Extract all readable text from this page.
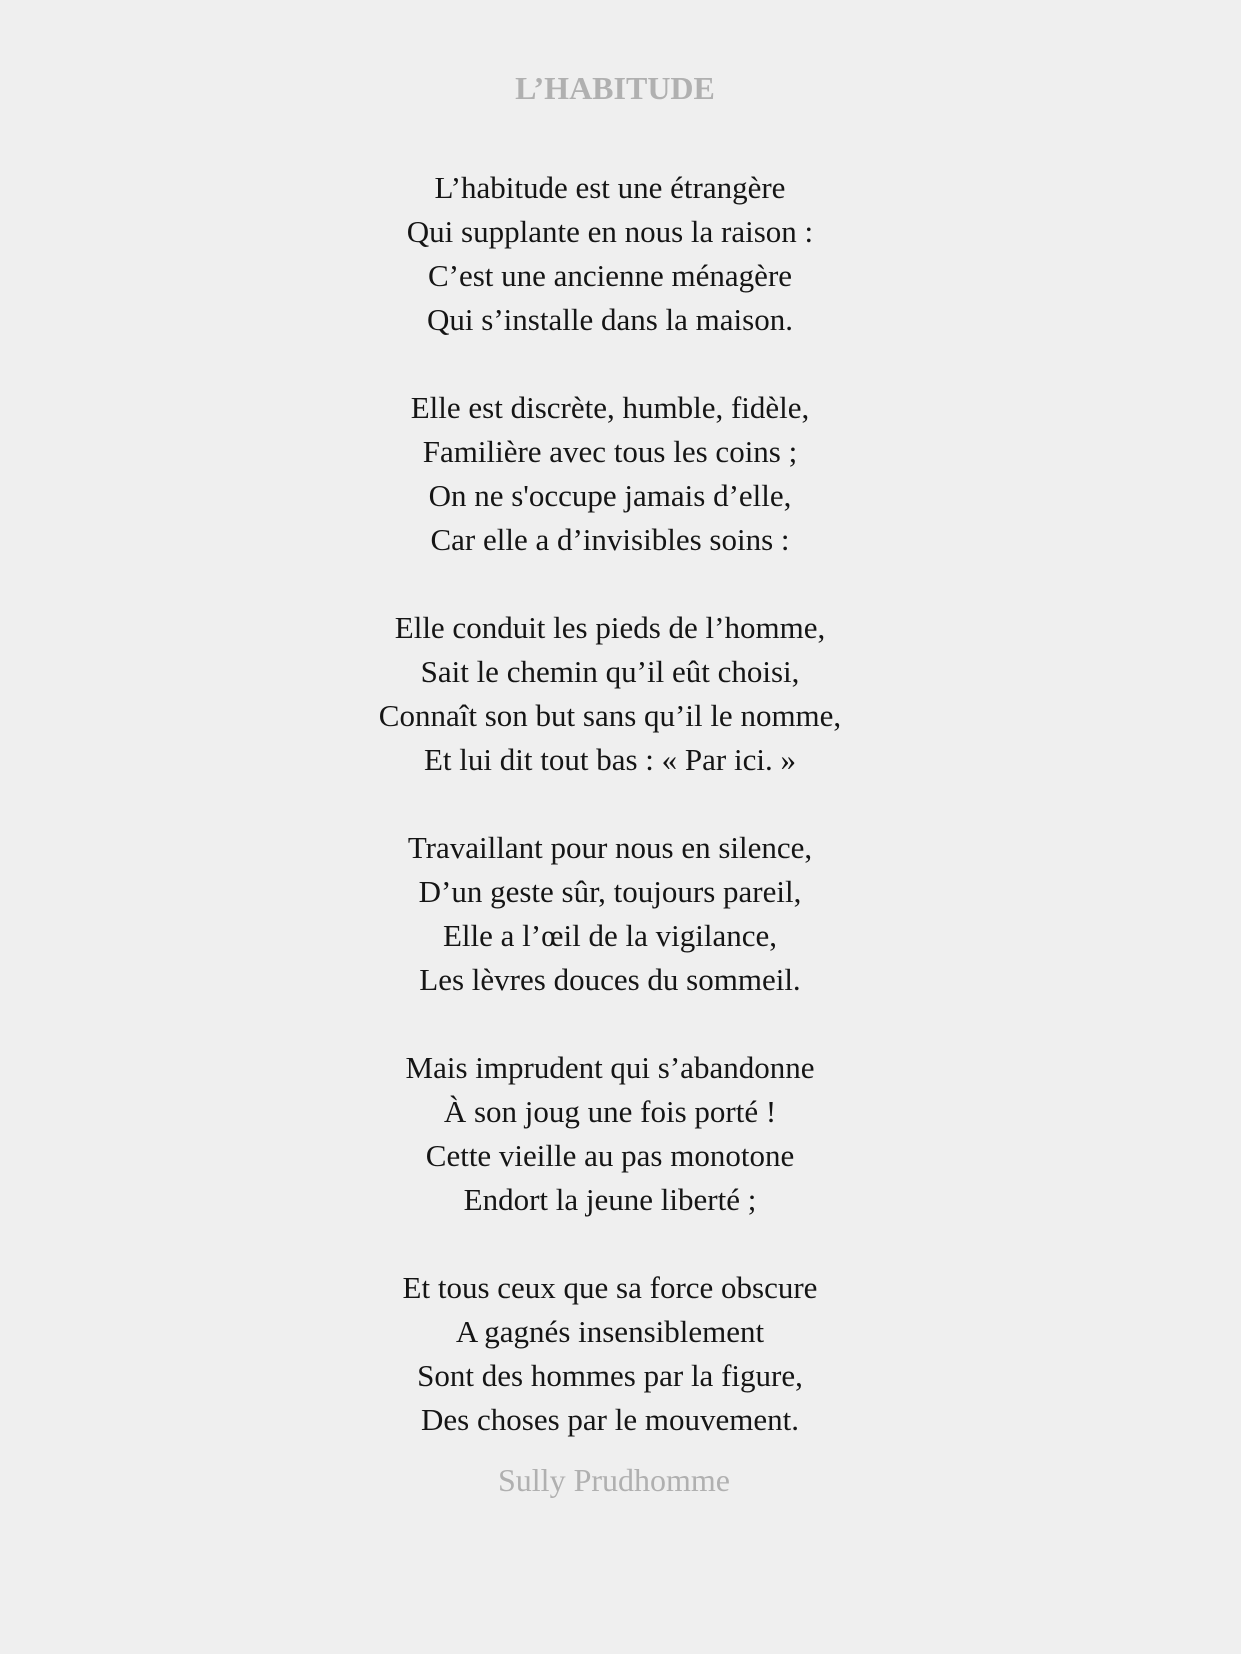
L’HABITUDE
L’habitude est une étrangère
Qui supplante en nous la raison :
C’est une ancienne ménagère
Qui s’installe dans la maison.
Elle est discrète, humble, fidèle,
Familière avec tous les coins ;
On ne s'occupe jamais d’elle,
Car elle a d’invisibles soins :
Elle conduit les pieds de l’homme,
Sait le chemin qu’il eût choisi,
Connaît son but sans qu’il le nomme,
Et lui dit tout bas : « Par ici. »
Travaillant pour nous en silence,
D’un geste sûr, toujours pareil,
Elle a l’œil de la vigilance,
Les lèvres douces du sommeil.
Mais imprudent qui s’abandonne
À son joug une fois porté !
Cette vieille au pas monotone
Endort la jeune liberté ;
Et tous ceux que sa force obscure
A gagnés insensiblement
Sont des hommes par la figure,
Des choses par le mouvement.

Sully Prudhomme
